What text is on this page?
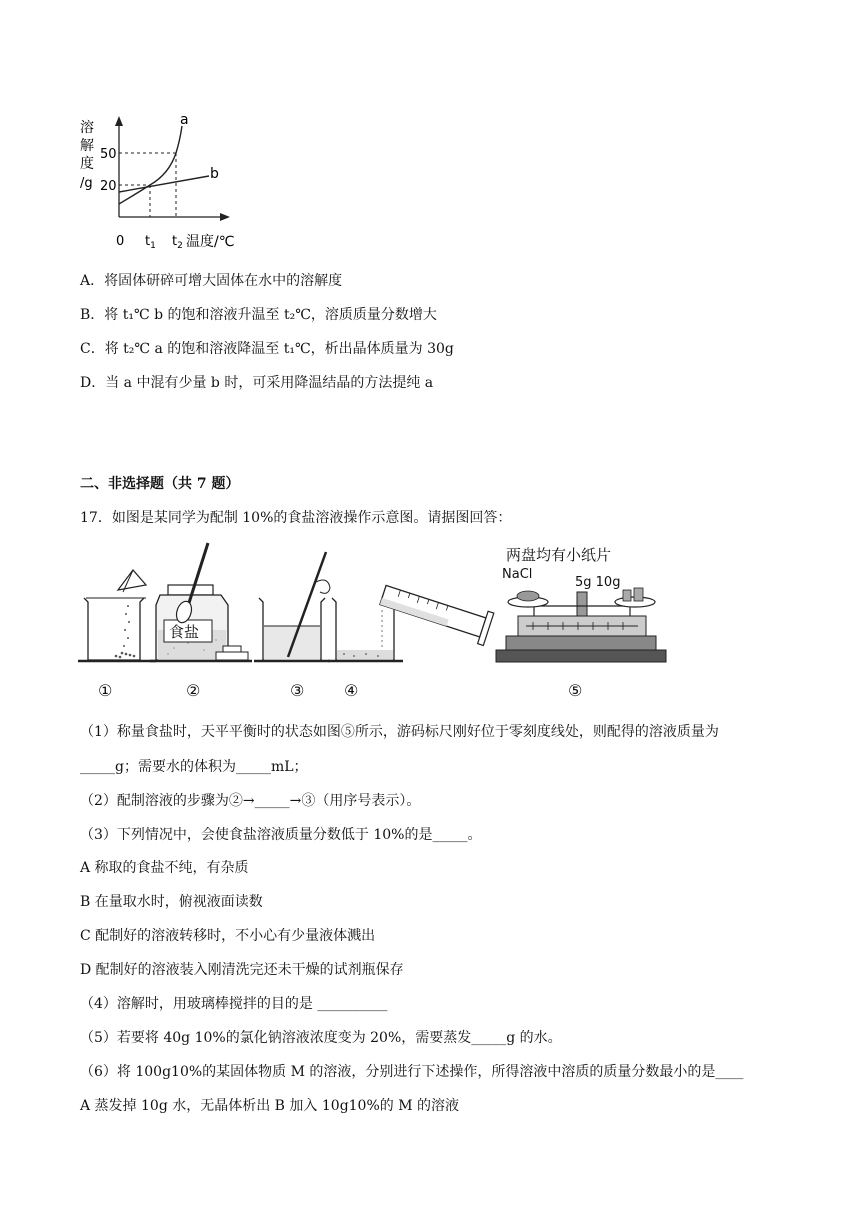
溶
解
度
/g
50
20
0 $t_1$ $t_2$ 温度/℃
a
b
A．将固体研碎可增大固体在水中的溶解度
B．将 t₁℃ b 的饱和溶液升温至 t₂℃，溶质质量分数增大
C．将 t₂℃ a 的饱和溶液降温至 t₁℃，析出晶体质量为 30g
D．当 a 中混有少量 b 时，可采用降温结晶的方法提纯 a
二、非选择题（共 7 题）
17．如图是某同学为配制 10%的食盐溶液操作示意图。请据图回答：
食盐
两盘均有小纸片
NaCl
5g 10g
①	②	③ ④	⑤
（1）称量食盐时，天平平衡时的状态如图⑤所示，游码标尺刚好位于零刻度线处，则配得的溶液质量为
_____g；需要水的体积为_____mL；
（2）配制溶液的步骤为②→_____→③（用序号表示）。
（3）下列情况中，会使食盐溶液质量分数低于 10%的是_____。
A 称取的食盐不纯，有杂质
B 在量取水时，俯视液面读数
C 配制好的溶液转移时，不小心有少量液体溅出
D 配制好的溶液装入刚清洗完还未干燥的试剂瓶保存
（4）溶解时，用玻璃棒搅拌的目的是 __________
（5）若要将 40g 10%的氯化钠溶液浓度变为 20%，需要蒸发_____g 的水。
（6）将 100g10%的某固体物质 M 的溶液，分别进行下述操作，所得溶液中溶质的质量分数最小的是____
A 蒸发掉 10g 水，无晶体析出 B 加入 10g10%的 M 的溶液
